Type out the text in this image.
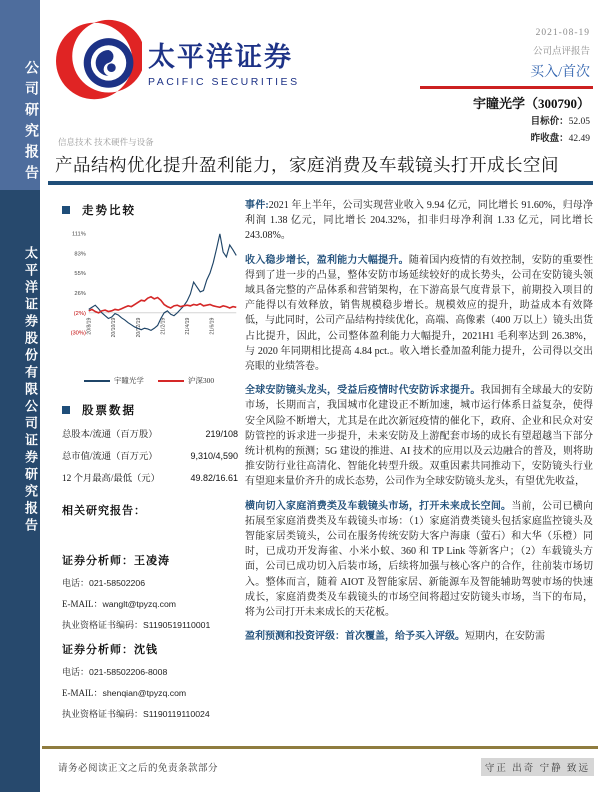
公司研究报告
太平洋证券股份有限公司证券研究报告
太平洋证券
PACIFIC SECURITIES
2021-08-19
公司点评报告
买入/首次
宇瞳光学（300790）
目标价：52.05
昨收盘：42.49
信息技术 技术硬件与设备
产品结构优化提升盈利能力，家庭消费及车载镜头打开成长空间
走势比较
111%
83%
55%
26%
(2%)
(30%) 20/8/19	20/10/19	20/12/19	21/2/19	21/4/19	21/6/19
宇瞳光学	沪深300
股票数据
总股本/流通（百万股）	219/108
总市值/流通（百万元）	9,310/4,590
12 个月最高/最低（元）	49.82/16.61
相关研究报告：
证券分析师：王凌涛
电话：021-58502206
E-MAIL：wanglt@tpyzq.com
执业资格证书编码：S1190519110001
证券分析师：沈钱
电话：021-58502206-8008
E-MAIL：shenqian@tpyzq.com
执业资格证书编码：S1190119110024

事件:2021 年上半年，公司实现营业收入 9.94 亿元，同比增长 91.60%，归母净利润 1.38 亿元，同比增长 204.32%，扣非归母净利润 1.33 亿元，同比增长 243.08%。

收入稳步增长，盈利能力大幅提升。随着国内疫情的有效控制，安防的重要性得到了进一步的凸显，整体安防市场延续较好的成长势头，公司在安防镜头领域具备完整的产品体系和营销架构，在下游高景气度背景下，前期投入项目的产能得以有效释放，销售规模稳步增长。规模效应的提升，助益成本有效降低，与此同时，公司产品结构持续优化，高端、高像素（400 万以上）镜头出货占比提升，因此，公司整体盈利能力大幅提升，2021H1 毛利率达到 26.38%，与 2020 年同期相比提高 4.84 pct.。收入增长叠加盈利能力提升，公司得以交出亮眼的业绩答卷。

全球安防镜头龙头，受益后疫情时代安防诉求提升。我国拥有全球最大的安防市场，长期而言，我国城市化建设正不断加速，城市运行体系日益复杂，使得安全风险不断增大，尤其是在此次新冠疫情的催化下，政府、企业和民众对安防管控的诉求进一步提升，未来安防及上游配套市场的成长有望超越当下部分统计机构的预测；5G 建设的推进、AI 技术的应用以及云边融合的普及，则将助推安防行业往高清化、智能化转型升级。双重因素共同推动下，安防镜头行业有望迎来量价齐升的成长态势，公司作为全球安防镜头龙头，有望优先收益，

横向切入家庭消费类及车载镜头市场，打开未来成长空间。当前，公司已横向拓展至家庭消费类及车载镜头市场：（1）家庭消费类镜头包括家庭监控镜头及智能家居类镜头，公司在服务传统安防大客户海康（萤石）和大华（乐橙）同时，已成功开发海雀、小米小蚁、360 和 TP Link 等新客户；（2）车载镜头方面，公司已成功切入后装市场，后续将加强与核心客户的合作，往前装市场切入。整体而言，随着 AIOT 及智能家居、新能源车及智能辅助驾驶市场的快速成长，家庭消费类及车载镜头的市场空间将超过安防镜头市场，当下的布局，将为公司打开未来成长的天花板。

盈利预测和投资评级：首次覆盖，给予买入评级。短期内，在安防需

请务必阅读正文之后的免责条款部分	守正 出奇 宁静 致远
